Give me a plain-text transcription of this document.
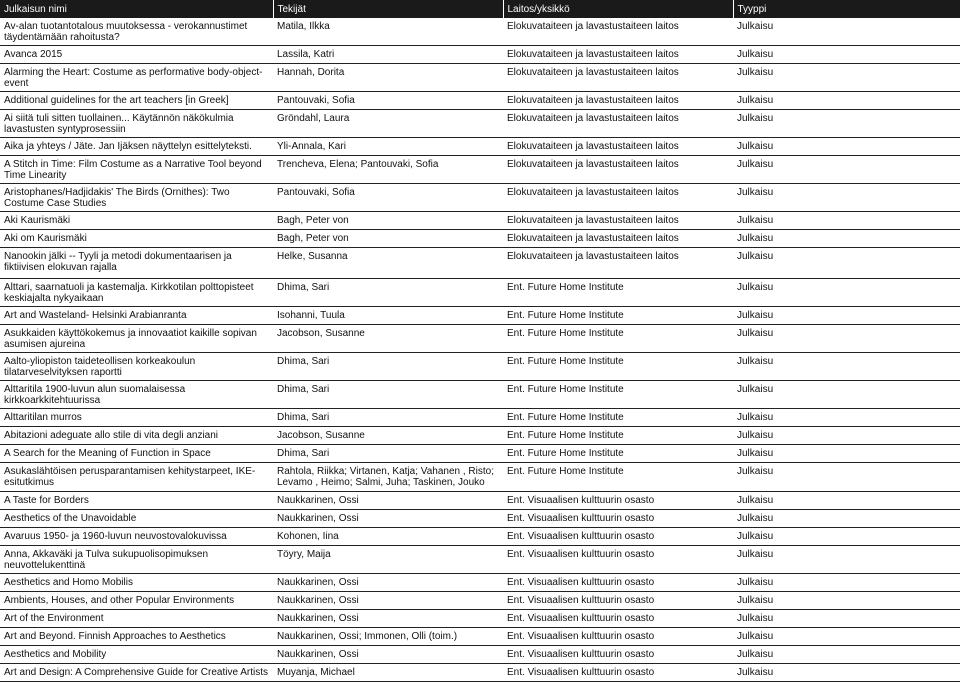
Julkaisun nimi	Tekijät	Laitos/yksikkö	Tyyppi
Av-alan tuotantotalous muutoksessa - verokannustimet täydentämään rahoitusta?	Matila, Ilkka	Elokuvataiteen ja lavastustaiteen laitos	Julkaisu
Avanca 2015	Lassila, Katri	Elokuvataiteen ja lavastustaiteen laitos	Julkaisu
Alarming the Heart: Costume as performative body-object-event	Hannah, Dorita	Elokuvataiteen ja lavastustaiteen laitos	Julkaisu
Additional guidelines for the art teachers [in Greek]	Pantouvaki, Sofia	Elokuvataiteen ja lavastustaiteen laitos	Julkaisu
Ai siitä tuli sitten tuollainen... Käytännön näkökulmia lavastusten syntyprosessiin	Gröndahl, Laura	Elokuvataiteen ja lavastustaiteen laitos	Julkaisu
Aika ja yhteys / Jäte. Jan Ijäksen näyttelyn esittelyteksti.	Yli-Annala, Kari	Elokuvataiteen ja lavastustaiteen laitos	Julkaisu
A Stitch in Time: Film Costume as a Narrative Tool beyond Time Linearity	Trencheva, Elena; Pantouvaki, Sofia	Elokuvataiteen ja lavastustaiteen laitos	Julkaisu
Aristophanes/Hadjidakis' The Birds (Ornithes): Two Costume Case Studies	Pantouvaki, Sofia	Elokuvataiteen ja lavastustaiteen laitos	Julkaisu
Aki Kaurismäki	Bagh, Peter von	Elokuvataiteen ja lavastustaiteen laitos	Julkaisu
Aki om Kaurismäki	Bagh, Peter von	Elokuvataiteen ja lavastustaiteen laitos	Julkaisu
Nanookin jälki -- Tyyli ja metodi dokumentaarisen ja fiktiivisen elokuvan rajalla	Helke, Susanna	Elokuvataiteen ja lavastustaiteen laitos	Julkaisu
Alttari, saarnatuoli ja kastemalja. Kirkkotilan polttopisteet keskiajalta nykyaikaan	Dhima, Sari	Ent. Future Home Institute	Julkaisu
Art and Wasteland- Helsinki Arabianranta	Isohanni, Tuula	Ent. Future Home Institute	Julkaisu
Asukkaiden käyttökokemus ja innovaatiot kaikille sopivan asumisen ajureina	Jacobson, Susanne	Ent. Future Home Institute	Julkaisu
Aalto-yliopiston taideteollisen korkeakoulun tilatarveselvityksen raportti	Dhima, Sari	Ent. Future Home Institute	Julkaisu
Alttaritila 1900-luvun alun suomalaisessa kirkkoarkkitehtuurissa	Dhima, Sari	Ent. Future Home Institute	Julkaisu
Alttaritilan murros	Dhima, Sari	Ent. Future Home Institute	Julkaisu
Abitazioni adeguate allo stile di vita degli anziani	Jacobson, Susanne	Ent. Future Home Institute	Julkaisu
A Search for the Meaning of Function in Space	Dhima, Sari	Ent. Future Home Institute	Julkaisu
Asukaslähtöisen perusparantamisen kehitystarpeet, IKE-esitutkimus	Rahtola, Riikka; Virtanen, Katja; Vahanen , Risto; Levamo , Heimo; Salmi, Juha; Taskinen, Jouko	Ent. Future Home Institute	Julkaisu
A Taste for Borders	Naukkarinen, Ossi	Ent. Visuaalisen kulttuurin osasto	Julkaisu
Aesthetics of the Unavoidable	Naukkarinen, Ossi	Ent. Visuaalisen kulttuurin osasto	Julkaisu
Avaruus 1950- ja 1960-luvun neuvostovalokuvissa	Kohonen, Iina	Ent. Visuaalisen kulttuurin osasto	Julkaisu
Anna, Akkaväki ja Tulva sukupuolisopimuksen neuvottelukenttinä	Töyry, Maija	Ent. Visuaalisen kulttuurin osasto	Julkaisu
Aesthetics and Homo Mobilis	Naukkarinen, Ossi	Ent. Visuaalisen kulttuurin osasto	Julkaisu
Ambients, Houses, and other Popular Environments	Naukkarinen, Ossi	Ent. Visuaalisen kulttuurin osasto	Julkaisu
Art of the Environment	Naukkarinen, Ossi	Ent. Visuaalisen kulttuurin osasto	Julkaisu
Art and Beyond. Finnish Approaches to Aesthetics	Naukkarinen, Ossi; Immonen, Olli (toim.)	Ent. Visuaalisen kulttuurin osasto	Julkaisu
Aesthetics and Mobility	Naukkarinen, Ossi	Ent. Visuaalisen kulttuurin osasto	Julkaisu
Art and Design: A Comprehensive Guide for Creative Artists	Muyanja, Michael	Ent. Visuaalisen kulttuurin osasto	Julkaisu
